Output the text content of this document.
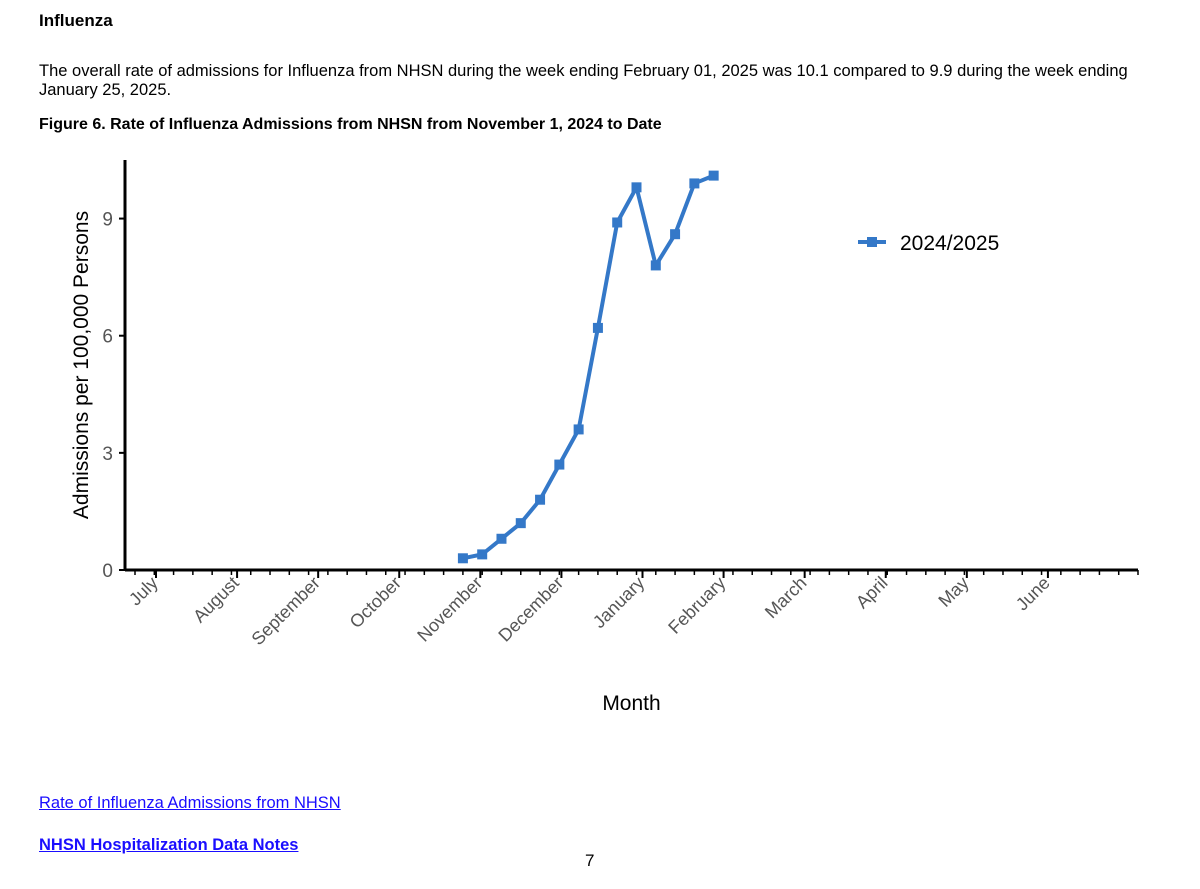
Influenza
The overall rate of admissions for Influenza from NHSN during the week ending February 01, 2025 was 10.1 compared to 9.9 during the week ending January 25, 2025.
Figure 6. Rate of Influenza Admissions from NHSN from November 1, 2024 to Date
0
3
6
9
Admissions per 100,000 Persons
July August September October November December January February March April May June
Month
2024/2025
Rate of Influenza Admissions from NHSN
NHSN Hospitalization Data Notes
7
